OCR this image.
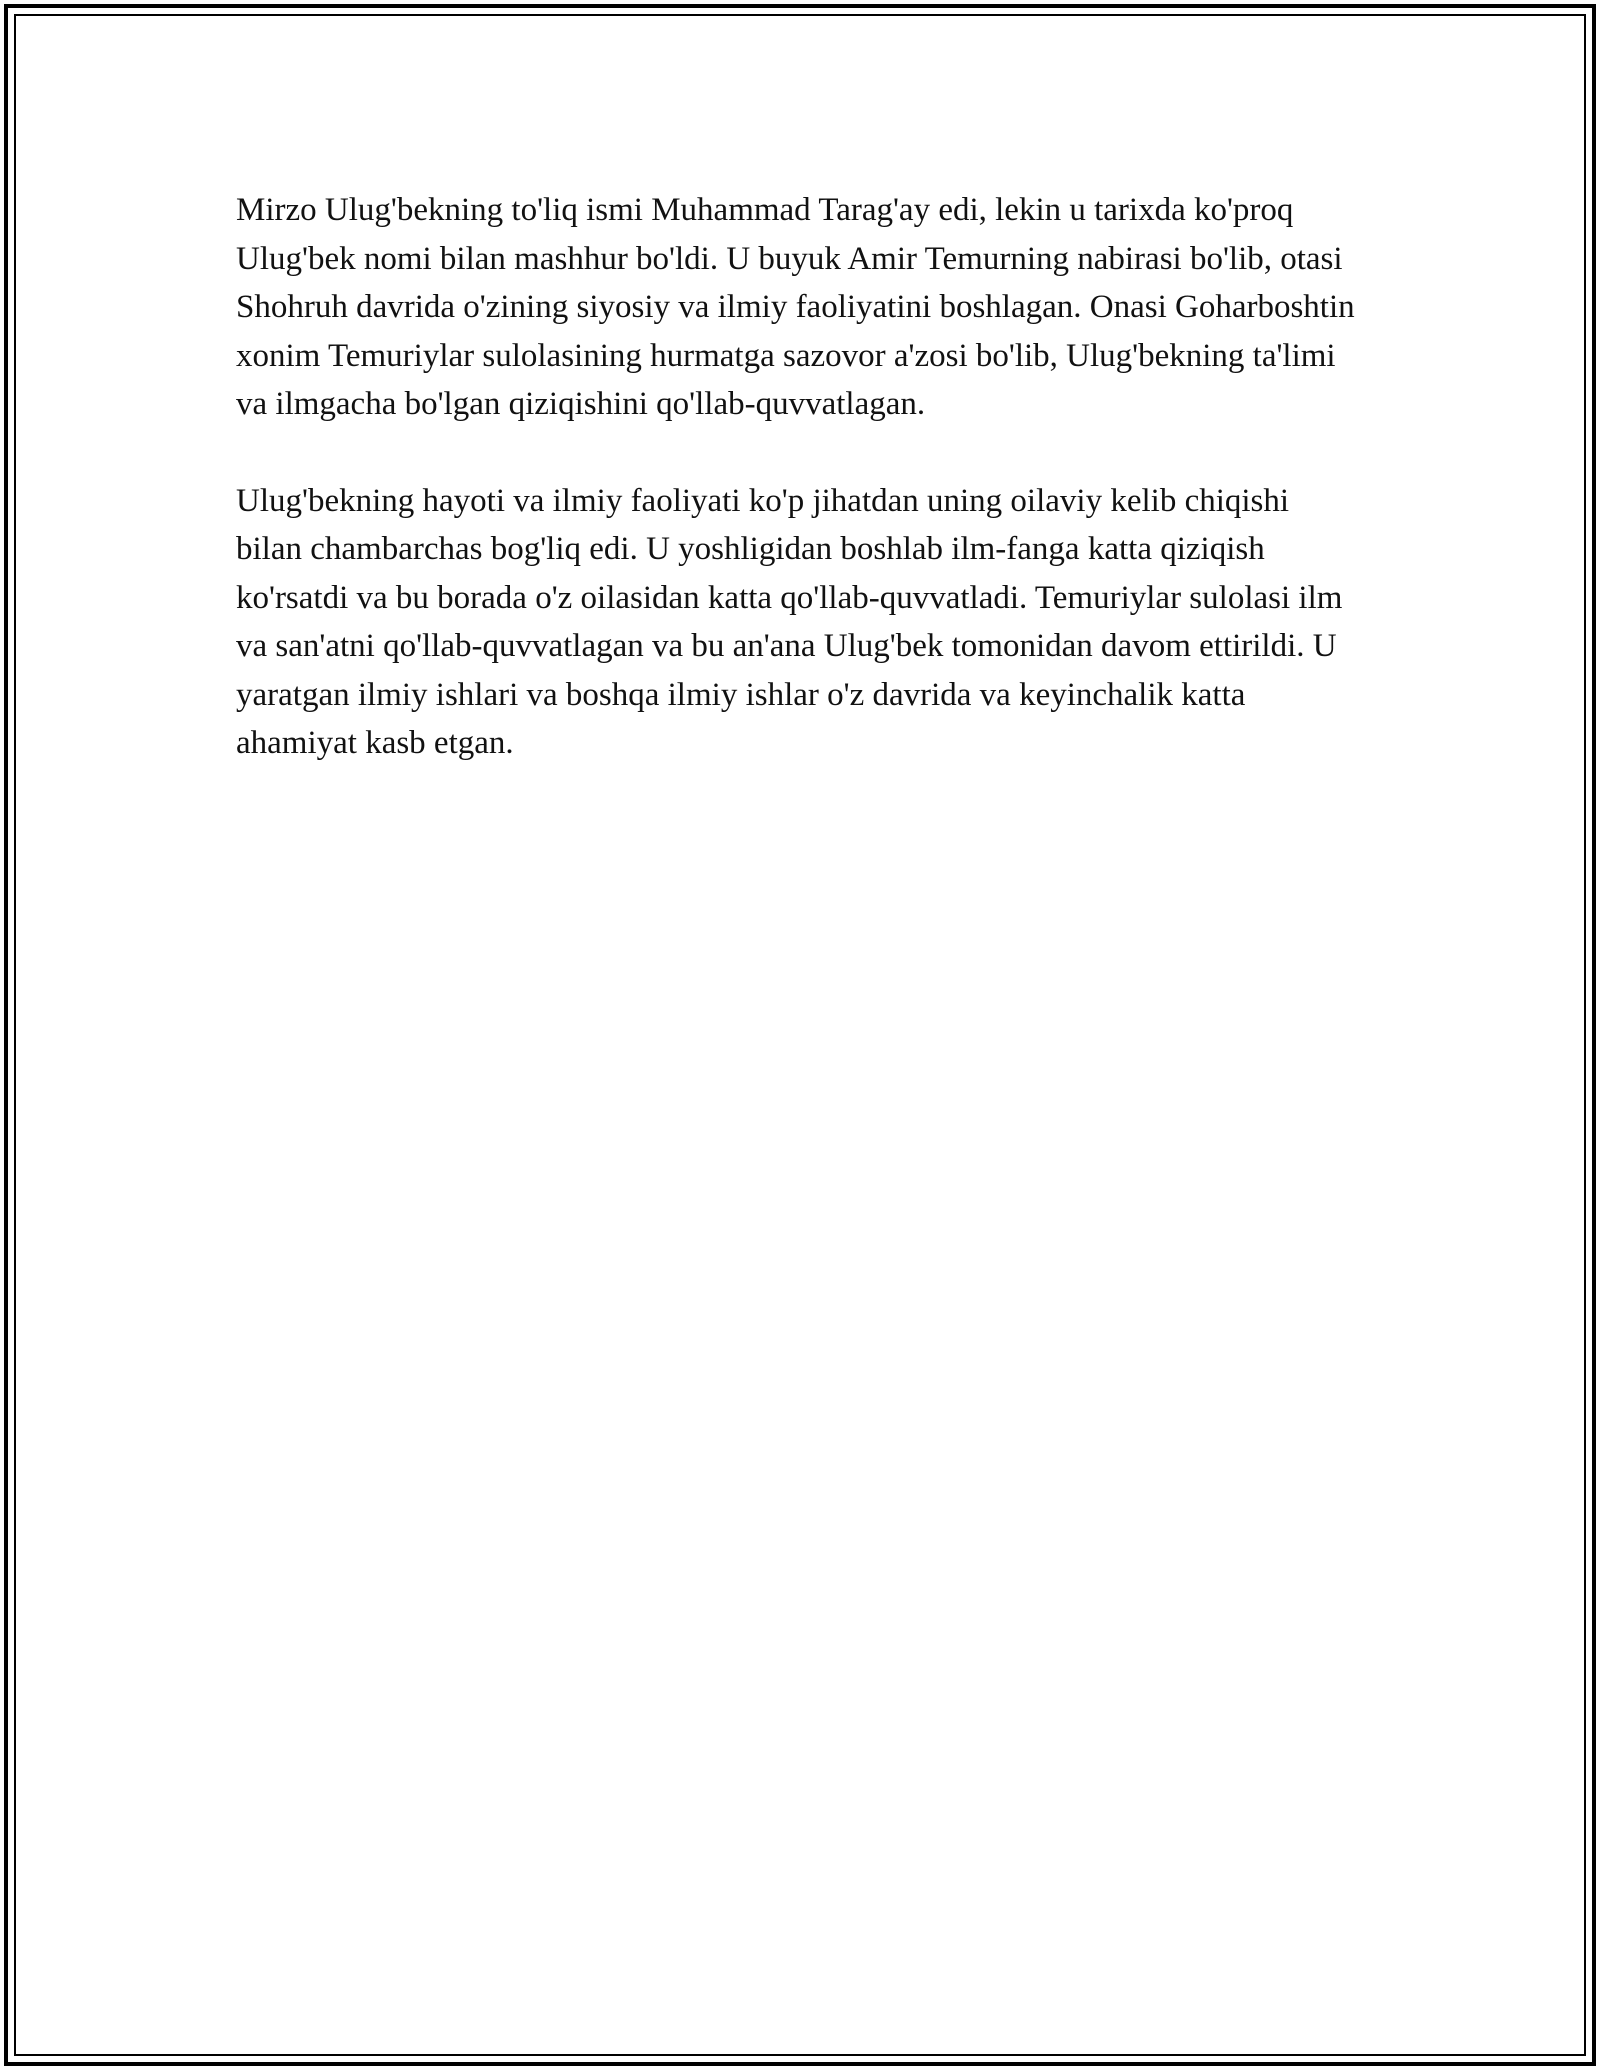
Mirzo Ulug'bekning to'liq ismi Muhammad Tarag'ay edi, lekin u tarixda ko'proq Ulug'bek nomi bilan mashhur bo'ldi. U buyuk Amir Temurning nabirasi bo'lib, otasi Shohruh davrida o'zining siyosiy va ilmiy faoliyatini boshlagan. Onasi Goharboshtin xonim Temuriylar sulolasining hurmatga sazovor a'zosi bo'lib, Ulug'bekning ta'limi va ilmgacha bo'lgan qiziqishini qo'llab-quvvatlagan.

Ulug'bekning hayoti va ilmiy faoliyati ko'p jihatdan uning oilaviy kelib chiqishi bilan chambarchas bog'liq edi. U yoshligidan boshlab ilm-fanga katta qiziqish ko'rsatdi va bu borada o'z oilasidan katta qo'llab-quvvatladi. Temuriylar sulolasi ilm va san'atni qo'llab-quvvatlagan va bu an'ana Ulug'bek tomonidan davom ettirildi. U yaratgan ilmiy ishlari va boshqa ilmiy ishlar o'z davrida va keyinchalik katta ahamiyat kasb etgan.
